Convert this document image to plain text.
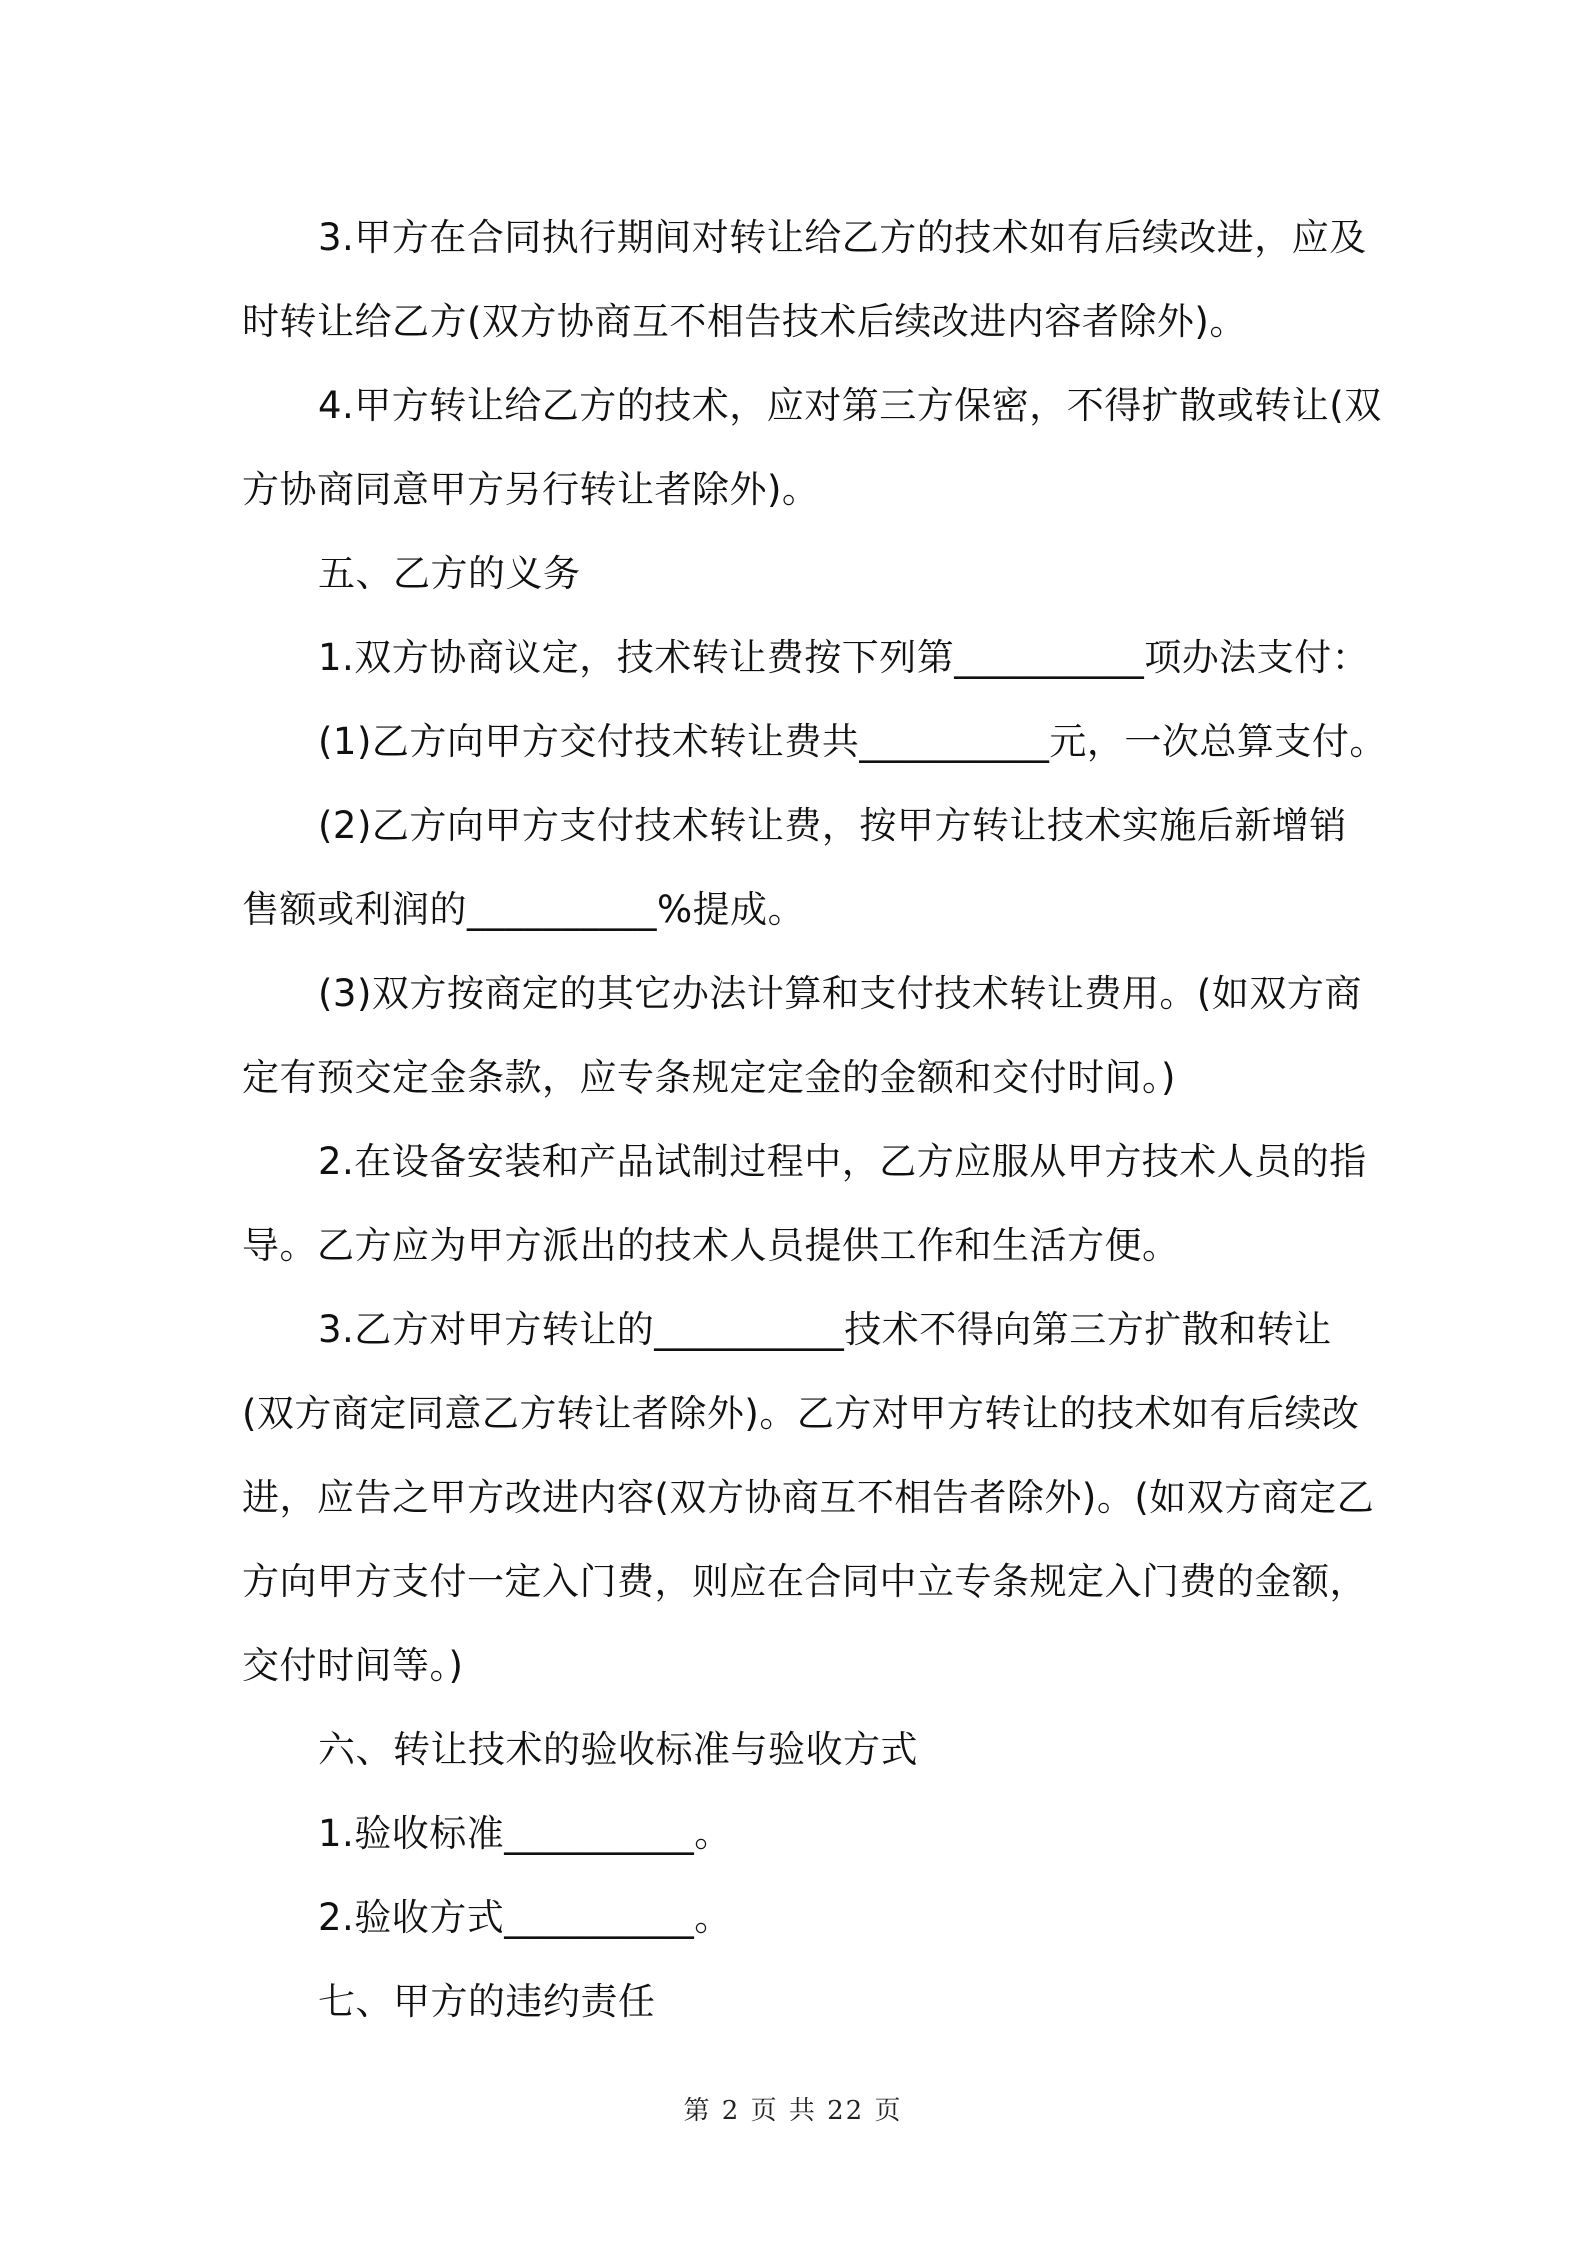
3.甲方在合同执行期间对转让给乙方的技术如有后续改进，应及
时转让给乙方(双方协商互不相告技术后续改进内容者除外)。
4.甲方转让给乙方的技术，应对第三方保密，不得扩散或转让(双
方协商同意甲方另行转让者除外)。
五、乙方的义务
1.双方协商议定，技术转让费按下列第__________项办法支付：
(1)乙方向甲方交付技术转让费共__________元，一次总算支付。
(2)乙方向甲方支付技术转让费，按甲方转让技术实施后新增销
售额或利润的__________%提成。
(3)双方按商定的其它办法计算和支付技术转让费用。(如双方商
定有预交定金条款，应专条规定定金的金额和交付时间。)
2.在设备安装和产品试制过程中，乙方应服从甲方技术人员的指
导。乙方应为甲方派出的技术人员提供工作和生活方便。
3.乙方对甲方转让的__________技术不得向第三方扩散和转让
(双方商定同意乙方转让者除外)。乙方对甲方转让的技术如有后续改
进，应告之甲方改进内容(双方协商互不相告者除外)。(如双方商定乙
方向甲方支付一定入门费，则应在合同中立专条规定入门费的金额，
交付时间等。)
六、转让技术的验收标准与验收方式
1.验收标准__________。
2.验收方式__________。
七、甲方的违约责任
第 2 页 共 22 页
